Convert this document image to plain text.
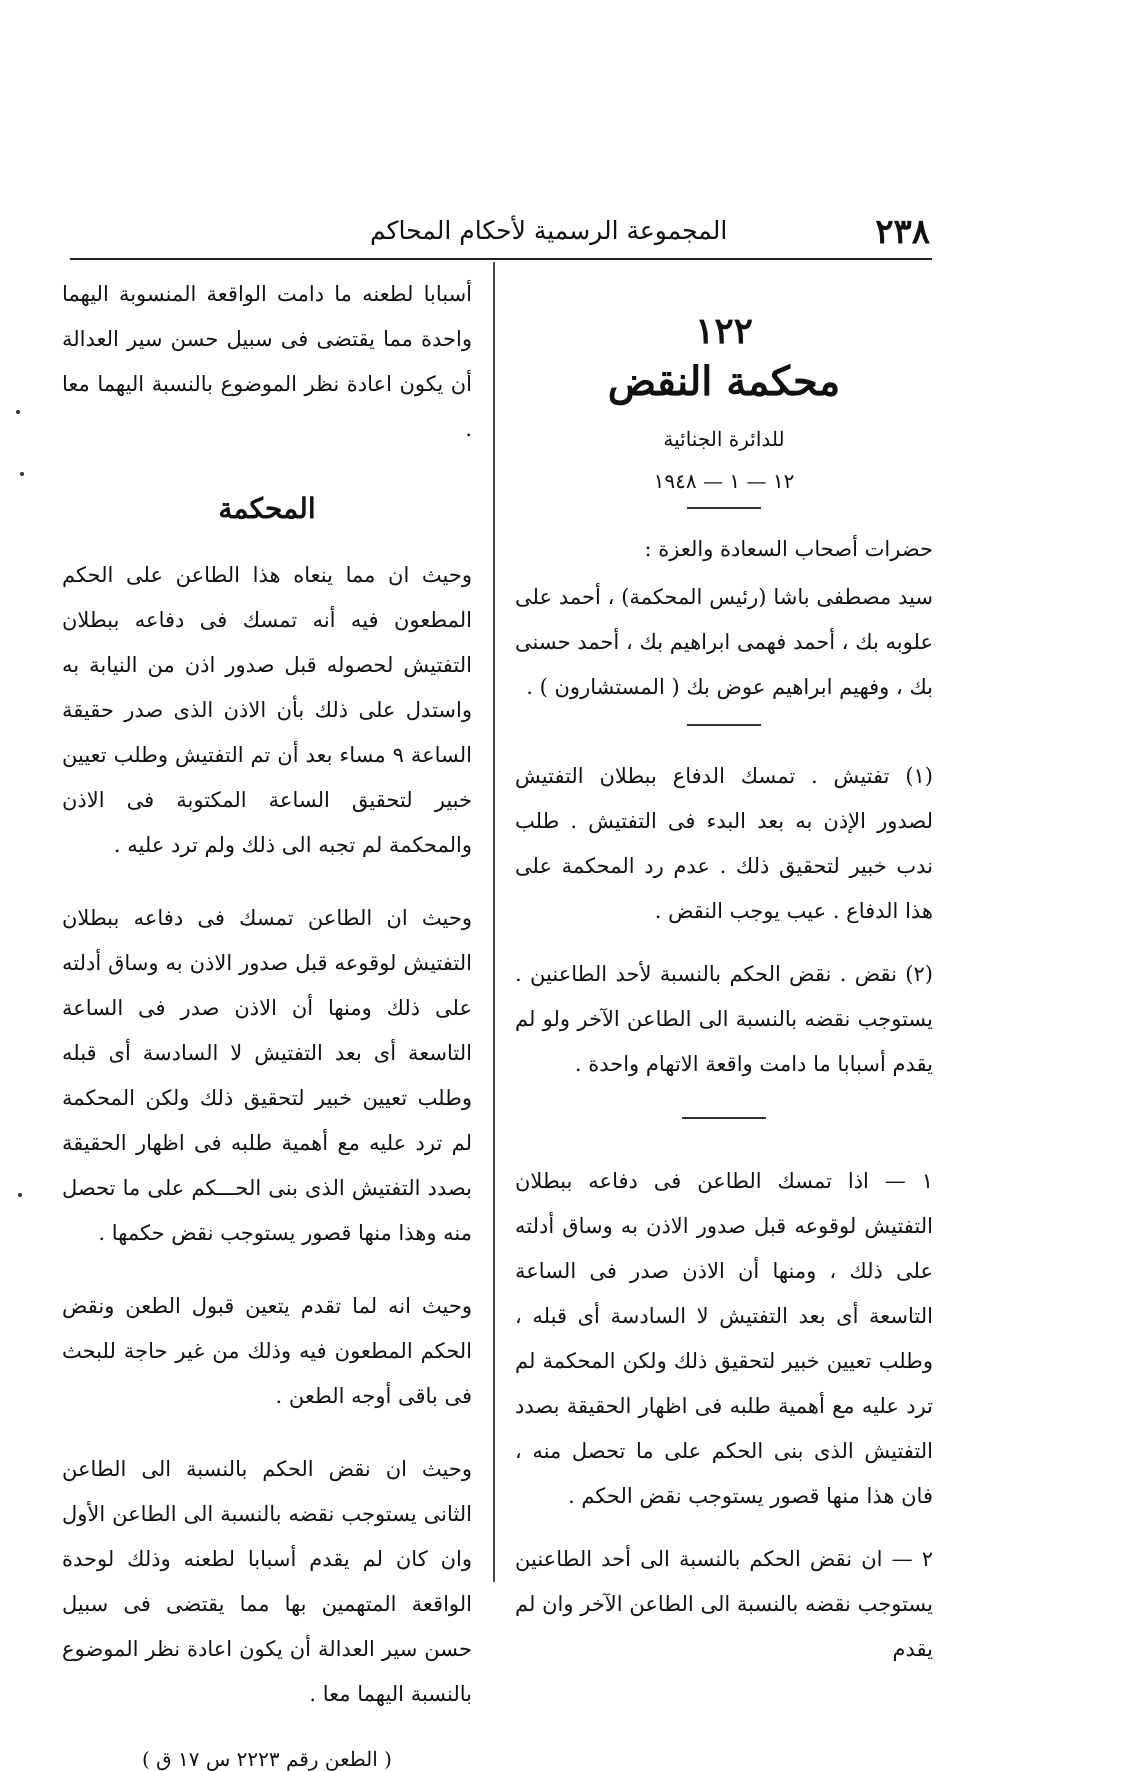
٢٣٨
المجموعة الرسمية لأحكام المحاكم

١٢٢

محكمة النقض

للدائرة الجنائية

١٢ — ١ — ١٩٤٨

حضرات أصحاب السعادة والعزة :

سيد مصطفى باشا (رئيس المحكمة) ، أحمد على علوبه بك ، أحمد فهمى ابراهيم بك ، أحمد حسنى بك ، وفهيم ابراهيم عوض بك ( المستشارون ) .

(١) تفتيش . تمسك الدفاع ببطلان التفتيش لصدور الإذن به بعد البدء فى التفتيش . طلب ندب خبير لتحقيق ذلك . عدم رد المحكمة على هذا الدفاع . عيب يوجب النقض .

(٢) نقض . نقض الحكم بالنسبة لأحد الطاعنين . يستوجب نقضه بالنسبة الى الطاعن الآخر ولو لم يقدم أسبابا ما دامت واقعة الاتهام واحدة .

١ — اذا تمسك الطاعن فى دفاعه ببطلان التفتيش لوقوعه قبل صدور الاذن به وساق أدلته على ذلك ، ومنها أن الاذن صدر فى الساعة التاسعة أى بعد التفتيش لا السادسة أى قبله ، وطلب تعيين خبير لتحقيق ذلك ولكن المحكمة لم ترد عليه مع أهمية طلبه فى اظهار الحقيقة بصدد التفتيش الذى بنى الحكم على ما تحصل منه ، فان هذا منها قصور يستوجب نقض الحكم .

٢ — ان نقض الحكم بالنسبة الى أحد الطاعنين يستوجب نقضه بالنسبة الى الطاعن الآخر وان لم يقدم

أسبابا لطعنه ما دامت الواقعة المنسوبة اليهما واحدة مما يقتضى فى سبيل حسن سير العدالة أن يكون اعادة نظر الموضوع بالنسبة اليهما معا .

المحكمة

وحيث ان مما ينعاه هذا الطاعن على الحكم المطعون فيه أنه تمسك فى دفاعه ببطلان التفتيش لحصوله قبل صدور اذن من النيابة به واستدل على ذلك بأن الاذن الذى صدر حقيقة الساعة ٩ مساء بعد أن تم التفتيش وطلب تعيين خبير لتحقيق الساعة المكتوبة فى الاذن والمحكمة لم تجبه الى ذلك ولم ترد عليه .

وحيث ان الطاعن تمسك فى دفاعه ببطلان التفتيش لوقوعه قبل صدور الاذن به وساق أدلته على ذلك ومنها أن الاذن صدر فى الساعة التاسعة أى بعد التفتيش لا السادسة أى قبله وطلب تعيين خبير لتحقيق ذلك ولكن المحكمة لم ترد عليه مع أهمية طلبه فى اظهار الحقيقة بصدد التفتيش الذى بنى الحـــكم على ما تحصل منه وهذا منها قصور يستوجب نقض حكمها .

وحيث انه لما تقدم يتعين قبول الطعن ونقض الحكم المطعون فيه وذلك من غير حاجة للبحث فى باقى أوجه الطعن .

وحيث ان نقض الحكم بالنسبة الى الطاعن الثانى يستوجب نقضه بالنسبة الى الطاعن الأول وان كان لم يقدم أسبابا لطعنه وذلك لوحدة الواقعة المتهمين بها مما يقتضى فى سبيل حسن سير العدالة أن يكون اعادة نظر الموضوع بالنسبة اليهما معا .

( الطعن رقم ٢٢٢٣ س ١٧ ق )
